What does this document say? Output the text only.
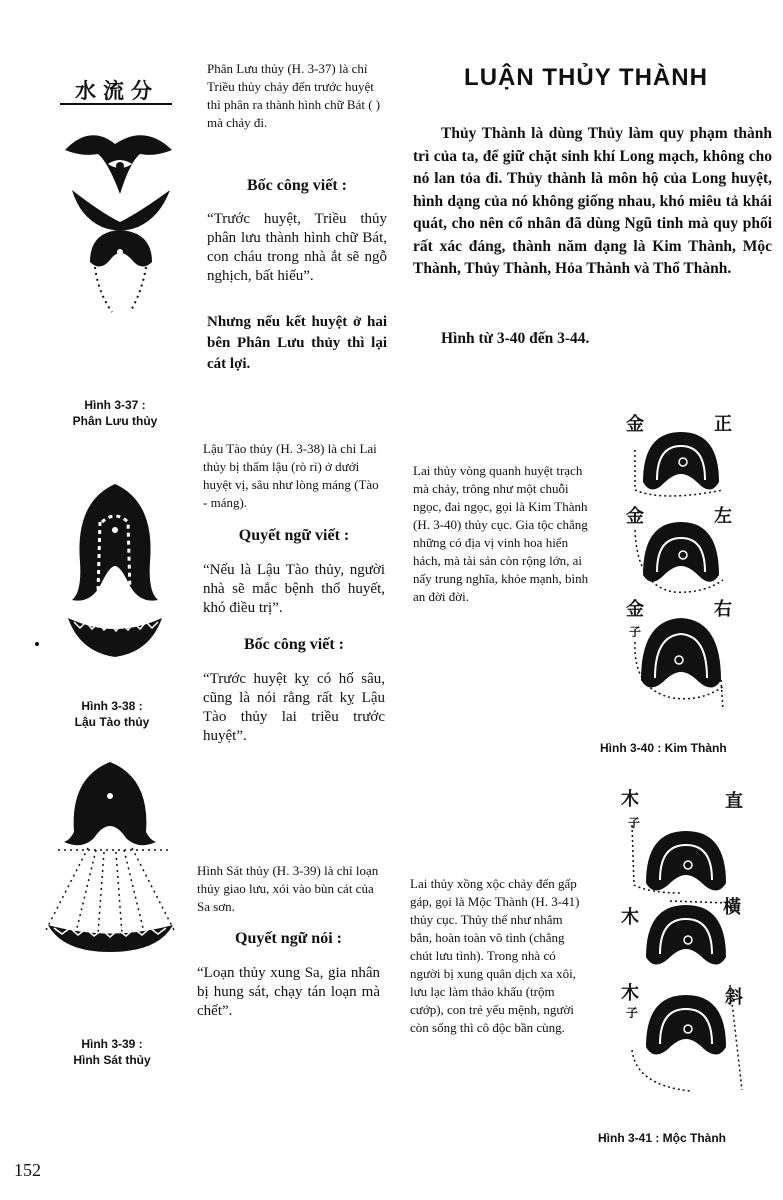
水流分
Hình 3-37 :
Phân Lưu thủy
Phân Lưu thủy (H. 3-37) là chỉ Triều thủy chảy đến trước huyệt thì phân ra thành hình chữ Bát ( ) mà chảy đi.
Bốc công viết :
“Trước huyệt, Triều thủy phân lưu thành hình chữ Bát, con cháu trong nhà ắt sẽ ngỗ nghịch, bất hiếu”.
Nhưng nếu kết huyệt ở hai bên Phân Lưu thủy thì lại cát lợi.
Hình 3-38 :
Lậu Tào thủy
Lậu Tào thủy (H. 3-38) là chỉ Lai thủy bị thấm lậu (rò rỉ) ở dưới huyệt vị, sâu như lòng máng (Tào - máng).
Quyết ngữ viết :
“Nếu là Lậu Tào thủy, người nhà sẽ mắc bệnh thổ huyết, khó điều trị”.
Bốc công viết :
“Trước huyệt kỵ có hố sâu, cũng là nói rằng rất kỵ Lậu Tào thủy lai triều trước huyệt”.
Hình 3-39 :
Hình Sát thủy
Hình Sát thủy (H. 3-39) là chỉ loạn thủy giao lưu, xói vào bùn cát của Sa sơn.
Quyết ngữ nói :
“Loạn thủy xung Sa, gia nhân bị hung sát, chạy tán loạn mà chết”.
LUẬN THỦY THÀNH
Thủy Thành là dùng Thủy làm quy phạm thành trì của ta, để giữ chặt sinh khí Long mạch, không cho nó lan tỏa đi. Thủy thành là môn hộ của Long huyệt, hình dạng của nó không giống nhau, khó miêu tả khái quát, cho nên cổ nhân đã dùng Ngũ tinh mà quy phối rất xác đáng, thành năm dạng là Kim Thành, Mộc Thành, Thủy Thành, Hỏa Thành và Thổ Thành.
Hình từ 3-40 đến 3-44.
Lai thủy vòng quanh huyệt trạch mà chảy, trông như một chuỗi ngọc, đai ngọc, gọi là Kim Thành (H. 3-40) thủy cục. Gia tộc chẳng những có địa vị vinh hoa hiển hách, mà tài sản còn rộng lớn, ai nấy trung nghĩa, khỏe mạnh, bình an đời đời.
金	正
金	左
金	右
子
Hình 3-40 : Kim Thành
Lai thủy xồng xộc chảy đến gấp gáp, gọi là Mộc Thành (H. 3-41) thủy cục. Thủy thế như nhắm bắn, hoàn toàn vô tình (chẳng chút lưu tình). Trong nhà có người bị xung quân dịch xa xôi, lưu lạc làm thảo khấu (trộm cướp), con trẻ yểu mệnh, người còn sống thì cô độc bần cùng.
木	直
子
木	橫
木	斜
子
Hình 3-41 : Mộc Thành
152
